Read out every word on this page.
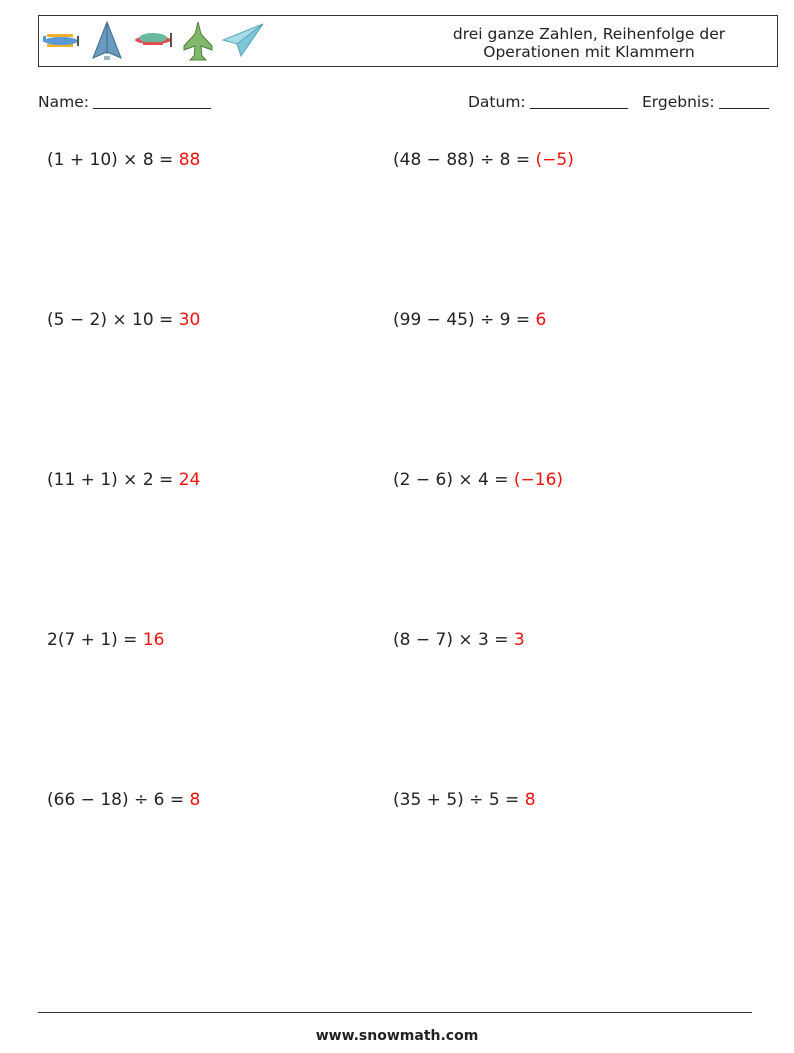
drei ganze Zahlen, Reihenfolge der
Operationen mit Klammern
Name:	Datum:	Ergebnis:
(1 + 10) × 8 = 88	(48 − 88) ÷ 8 = (−5)
(5 − 2) × 10 = 30	(99 − 45) ÷ 9 = 6
(11 + 1) × 2 = 24	(2 − 6) × 4 = (−16)
2(7 + 1) = 16	(8 − 7) × 3 = 3
(66 − 18) ÷ 6 = 8	(35 + 5) ÷ 5 = 8
www.snowmath.com
